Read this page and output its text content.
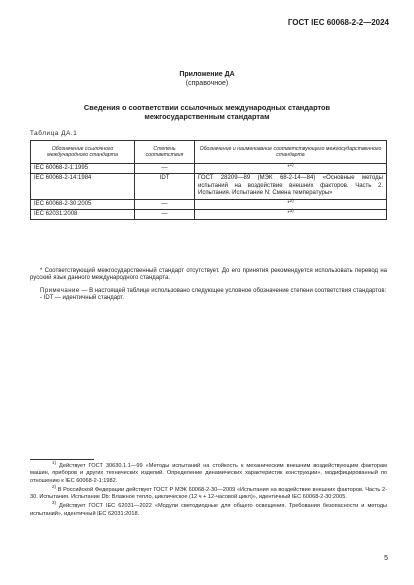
ГОСТ IEC 60068-2-2—2024
Приложение ДА
(справочное)
Сведения о соответствии ссылочных международных стандартов
межгосударственным стандартам
Таблица ДА.1
Обозначение ссылочного международного стандарта	Степень соответствия	Обозначение и наименование соответствующего межгосударственного стандарта
IEC 60068-2-1:1995	—	*$^{1)}$
IEC 60068-2-14:1984	IDT	ГОСТ 28209—89 (МЭК 68-2-14—84) «Основные методы испытаний на воздействие внешних факторов. Часть 2. Испытания. Испытание N: Смена температуры»
IEC 60068-2-30:2005	—	*$^{2)}$
IEC 62031:2008	—	*$^{3)}$

* Соответствующий межгосударственный стандарт отсутствует. До его принятия рекомендуется использовать перевод на русский язык данного международного стандарта.

Примечание — В настоящей таблице использовано следующее условное обозначение степени соответствия стандартов:

- IDT — идентичный стандарт.

$^{1)}$ Действует ГОСТ 30630.1.1—99 «Методы испытаний на стойкость к механическим внешним воздействующим факторам машин, приборов и других технических изделий. Определение динамических характеристик конструкции», модифицированный по отношению к IEC 60068-2-1:1982.

$^{2)}$ В Российской Федерации действует ГОСТ Р МЭК 60068-2-30—2009 «Испытания на воздействие внешних факторов. Часть 2-30. Испытания. Испытание Db: Влажное тепло, циклическое (12 ч + 12-часовой цикл)», идентичный IEC 60068-2-30:2005.

$^{3)}$ Действует ГОСТ IEC 62031—2022 «Модули светодиодные для общего освещения. Требования безопасности и методы испытаний», идентичный IEC 62031:2018.

5
